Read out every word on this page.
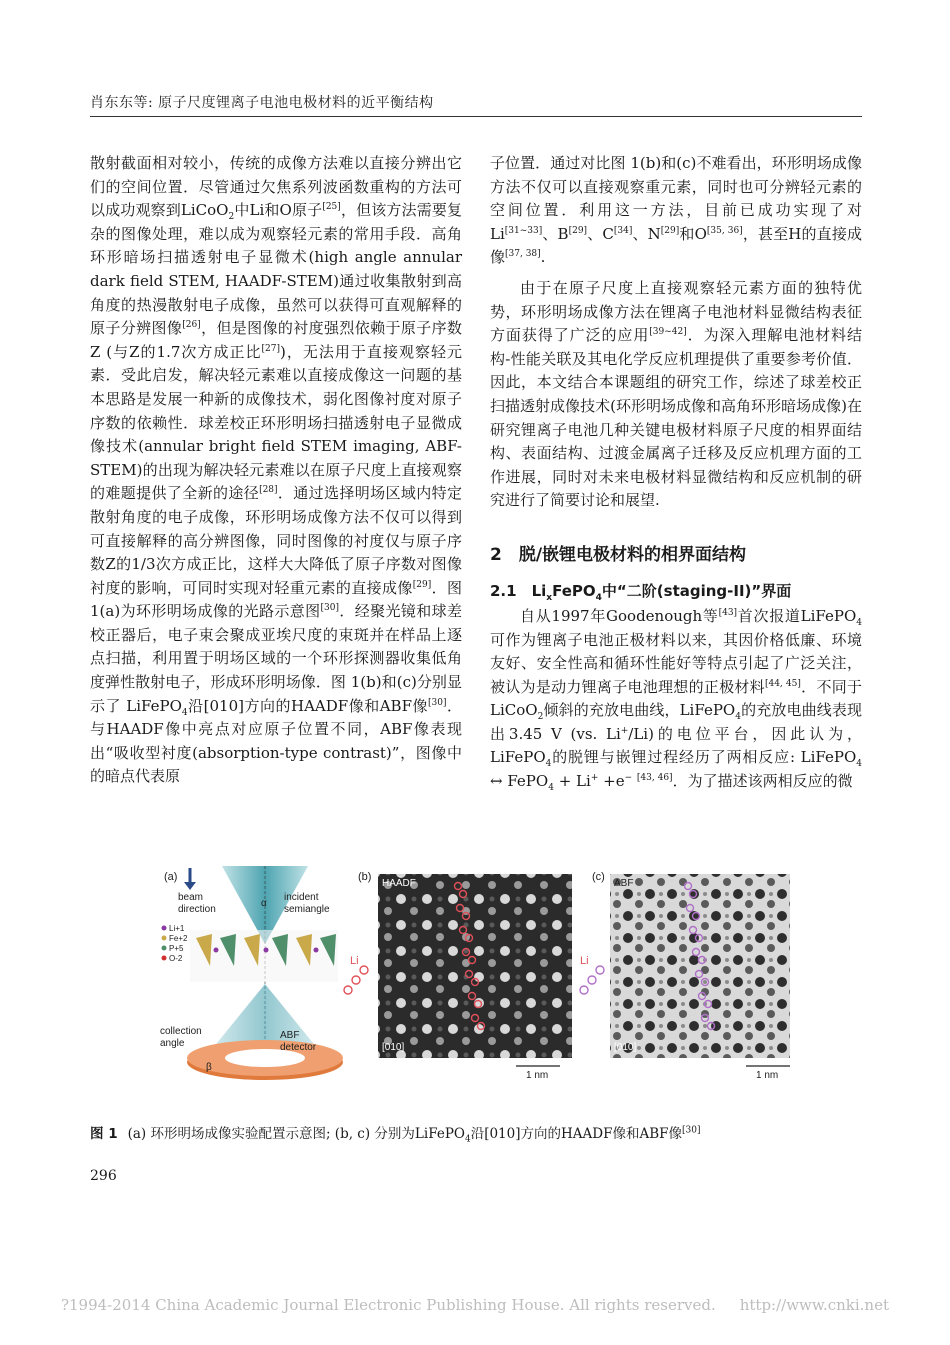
肖东东等: 原子尺度锂离子电池电极材料的近平衡结构

散射截面相对较小，传统的成像方法难以直接分辨出它们的空间位置．尽管通过欠焦系列波函数重构的方法可以成功观察到LiCoO$_2$中Li和O原子[25]，但该方法需要复杂的图像处理，难以成为观察轻元素的常用手段．高角环形暗场扫描透射电子显微术(high angle annular dark field STEM, HAADF-STEM)通过收集散射到高角度的热漫散射电子成像，虽然可以获得可直观解释的原子分辨图像[26]，但是图像的衬度强烈依赖于原子序数Z (与Z的1.7次方成正比[27])，无法用于直接观察轻元素．受此启发，解决轻元素难以直接成像这一问题的基本思路是发展一种新的成像技术，弱化图像衬度对原子序数的依赖性．球差校正环形明场扫描透射电子显微成像技术(annular bright field STEM imaging, ABF-STEM)的出现为解决轻元素难以在原子尺度上直接观察的难题提供了全新的途径[28]．通过选择明场区域内特定散射角度的电子成像，环形明场成像方法不仅可以得到可直接解释的高分辨图像，同时图像的衬度仅与原子序数Z的1/3次方成正比，这样大大降低了原子序数对图像衬度的影响，可同时实现对轻重元素的直接成像[29]．图 1(a)为环形明场成像的光路示意图[30]．经聚光镜和球差校正器后，电子束会聚成亚埃尺度的束斑并在样品上逐点扫描，利用置于明场区域的一个环形探测器收集低角度弹性散射电子，形成环形明场像．图 1(b)和(c)分别显示了 LiFePO$_4$沿[010]方向的HAADF像和ABF像[30]．与HAADF像中亮点对应原子位置不同，ABF像表现出“吸收型衬度(absorption-type contrast)”，图像中的暗点代表原

子位置．通过对比图 1(b)和(c)不难看出，环形明场成像方法不仅可以直接观察重元素，同时也可分辨轻元素的空间位置．利用这一方法，目前已成功实现了对Li[31~33]、B[29]、C[34]、N[29]和O[35, 36]，甚至H的直接成像[37, 38].

由于在原子尺度上直接观察轻元素方面的独特优势，环形明场成像方法在锂离子电池材料显微结构表征方面获得了广泛的应用[39~42]．为深入理解电池材料结构-性能关联及其电化学反应机理提供了重要参考价值．因此，本文结合本课题组的研究工作，综述了球差校正扫描透射成像技术(环形明场成像和高角环形暗场成像)在研究锂离子电池几种关键电极材料原子尺度的相界面结构、表面结构、过渡金属离子迁移及反应机理方面的工作进展，同时对未来电极材料显微结构和反应机制的研究进行了简要讨论和展望.

2　脱/嵌锂电极材料的相界面结构
2.1　$Li_xFePO_4$中“二阶(staging-II)”界面

自从1997年Goodenough等[43]首次报道LiFePO$_4$可作为锂离子电池正极材料以来，其因价格低廉、环境友好、安全性高和循环性能好等特点引起了广泛关注，被认为是动力锂离子电池理想的正极材料[44, 45]．不同于LiCoO$_2$倾斜的充放电曲线，LiFePO$_4$的充放电曲线表现出3.45 V (vs. Li+/Li)的电位平台，因此认为，LiFePO$_4$的脱锂与嵌锂过程经历了两相反应: LiFePO$_4$ ↔ FePO$_4$ + Li+ +e− [43, 46]．为了描述该两相反应的微

(a)
beam
direction
α
incident
semiangle
Li+1
Fe+2
P+5
O-2
collection
angle
ABF
detector
β
(b)
HAADF
Li
[010]
1 nm
(c)
ABF
Li
[010]
1 nm
图 1 (a) 环形明场成像实验配置示意图; (b, c) 分别为LiFePO$_4$沿[010]方向的HAADF像和ABF像[30]
296
?1994-2014 China Academic Journal Electronic Publishing House. All rights reserved. http://www.cnki.net
